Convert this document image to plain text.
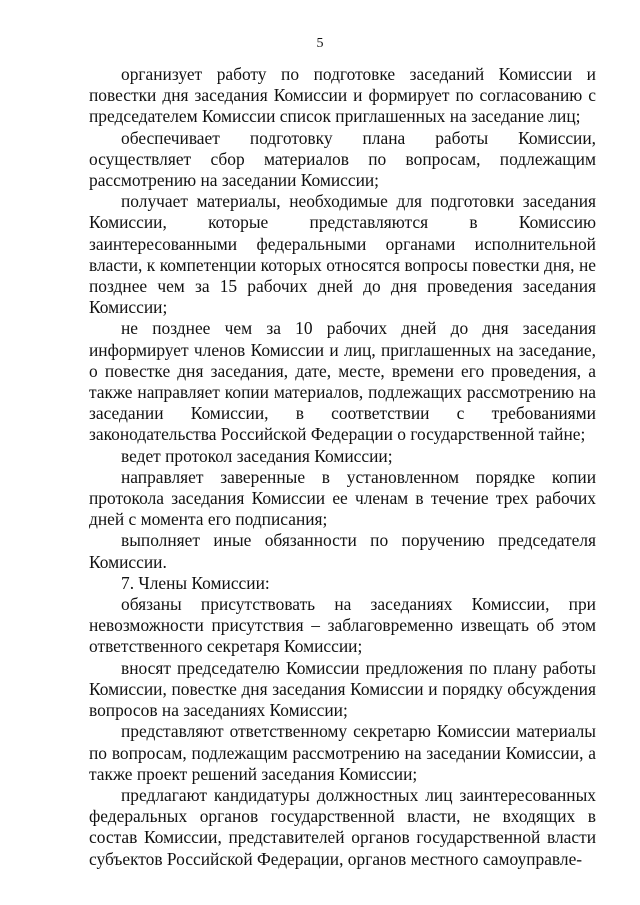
5

организует работу по подготовке заседаний Комиссии и повестки дня заседания Комиссии и формирует по согласованию с председателем Комиссии список приглашенных на заседание лиц;

обеспечивает подготовку плана работы Комиссии, осуществляет сбор материалов по вопросам, подлежащим рассмотрению на заседании Комиссии;

получает материалы, необходимые для подготовки заседания Комиссии, которые представляются в Комиссию заинтересованными федеральными органами исполнительной власти, к компетенции которых относятся вопросы повестки дня, не позднее чем за 15 рабочих дней до дня проведения заседания Комиссии;

не позднее чем за 10 рабочих дней до дня заседания информирует членов Комиссии и лиц, приглашенных на заседание, о повестке дня заседания, дате, месте, времени его проведения, а также направляет копии материалов, подлежащих рассмотрению на заседании Комиссии, в соответствии с требованиями законодательства Российской Федерации о государственной тайне;

ведет протокол заседания Комиссии;

направляет заверенные в установленном порядке копии протокола заседания Комиссии ее членам в течение трех рабочих дней с момента его подписания;

выполняет иные обязанности по поручению председателя Комиссии.

7. Члены Комиссии:

обязаны присутствовать на заседаниях Комиссии, при невозможности присутствия – заблаговременно извещать об этом ответственного секретаря Комиссии;

вносят председателю Комиссии предложения по плану работы Комиссии, повестке дня заседания Комиссии и порядку обсуждения вопросов на заседаниях Комиссии;

представляют ответственному секретарю Комиссии материалы по вопросам, подлежащим рассмотрению на заседании Комиссии, а также проект решений заседания Комиссии;

предлагают кандидатуры должностных лиц заинтересованных федеральных органов государственной власти, не входящих в состав Комиссии, представителей органов государственной власти субъектов Российской Федерации, органов местного самоуправле-
